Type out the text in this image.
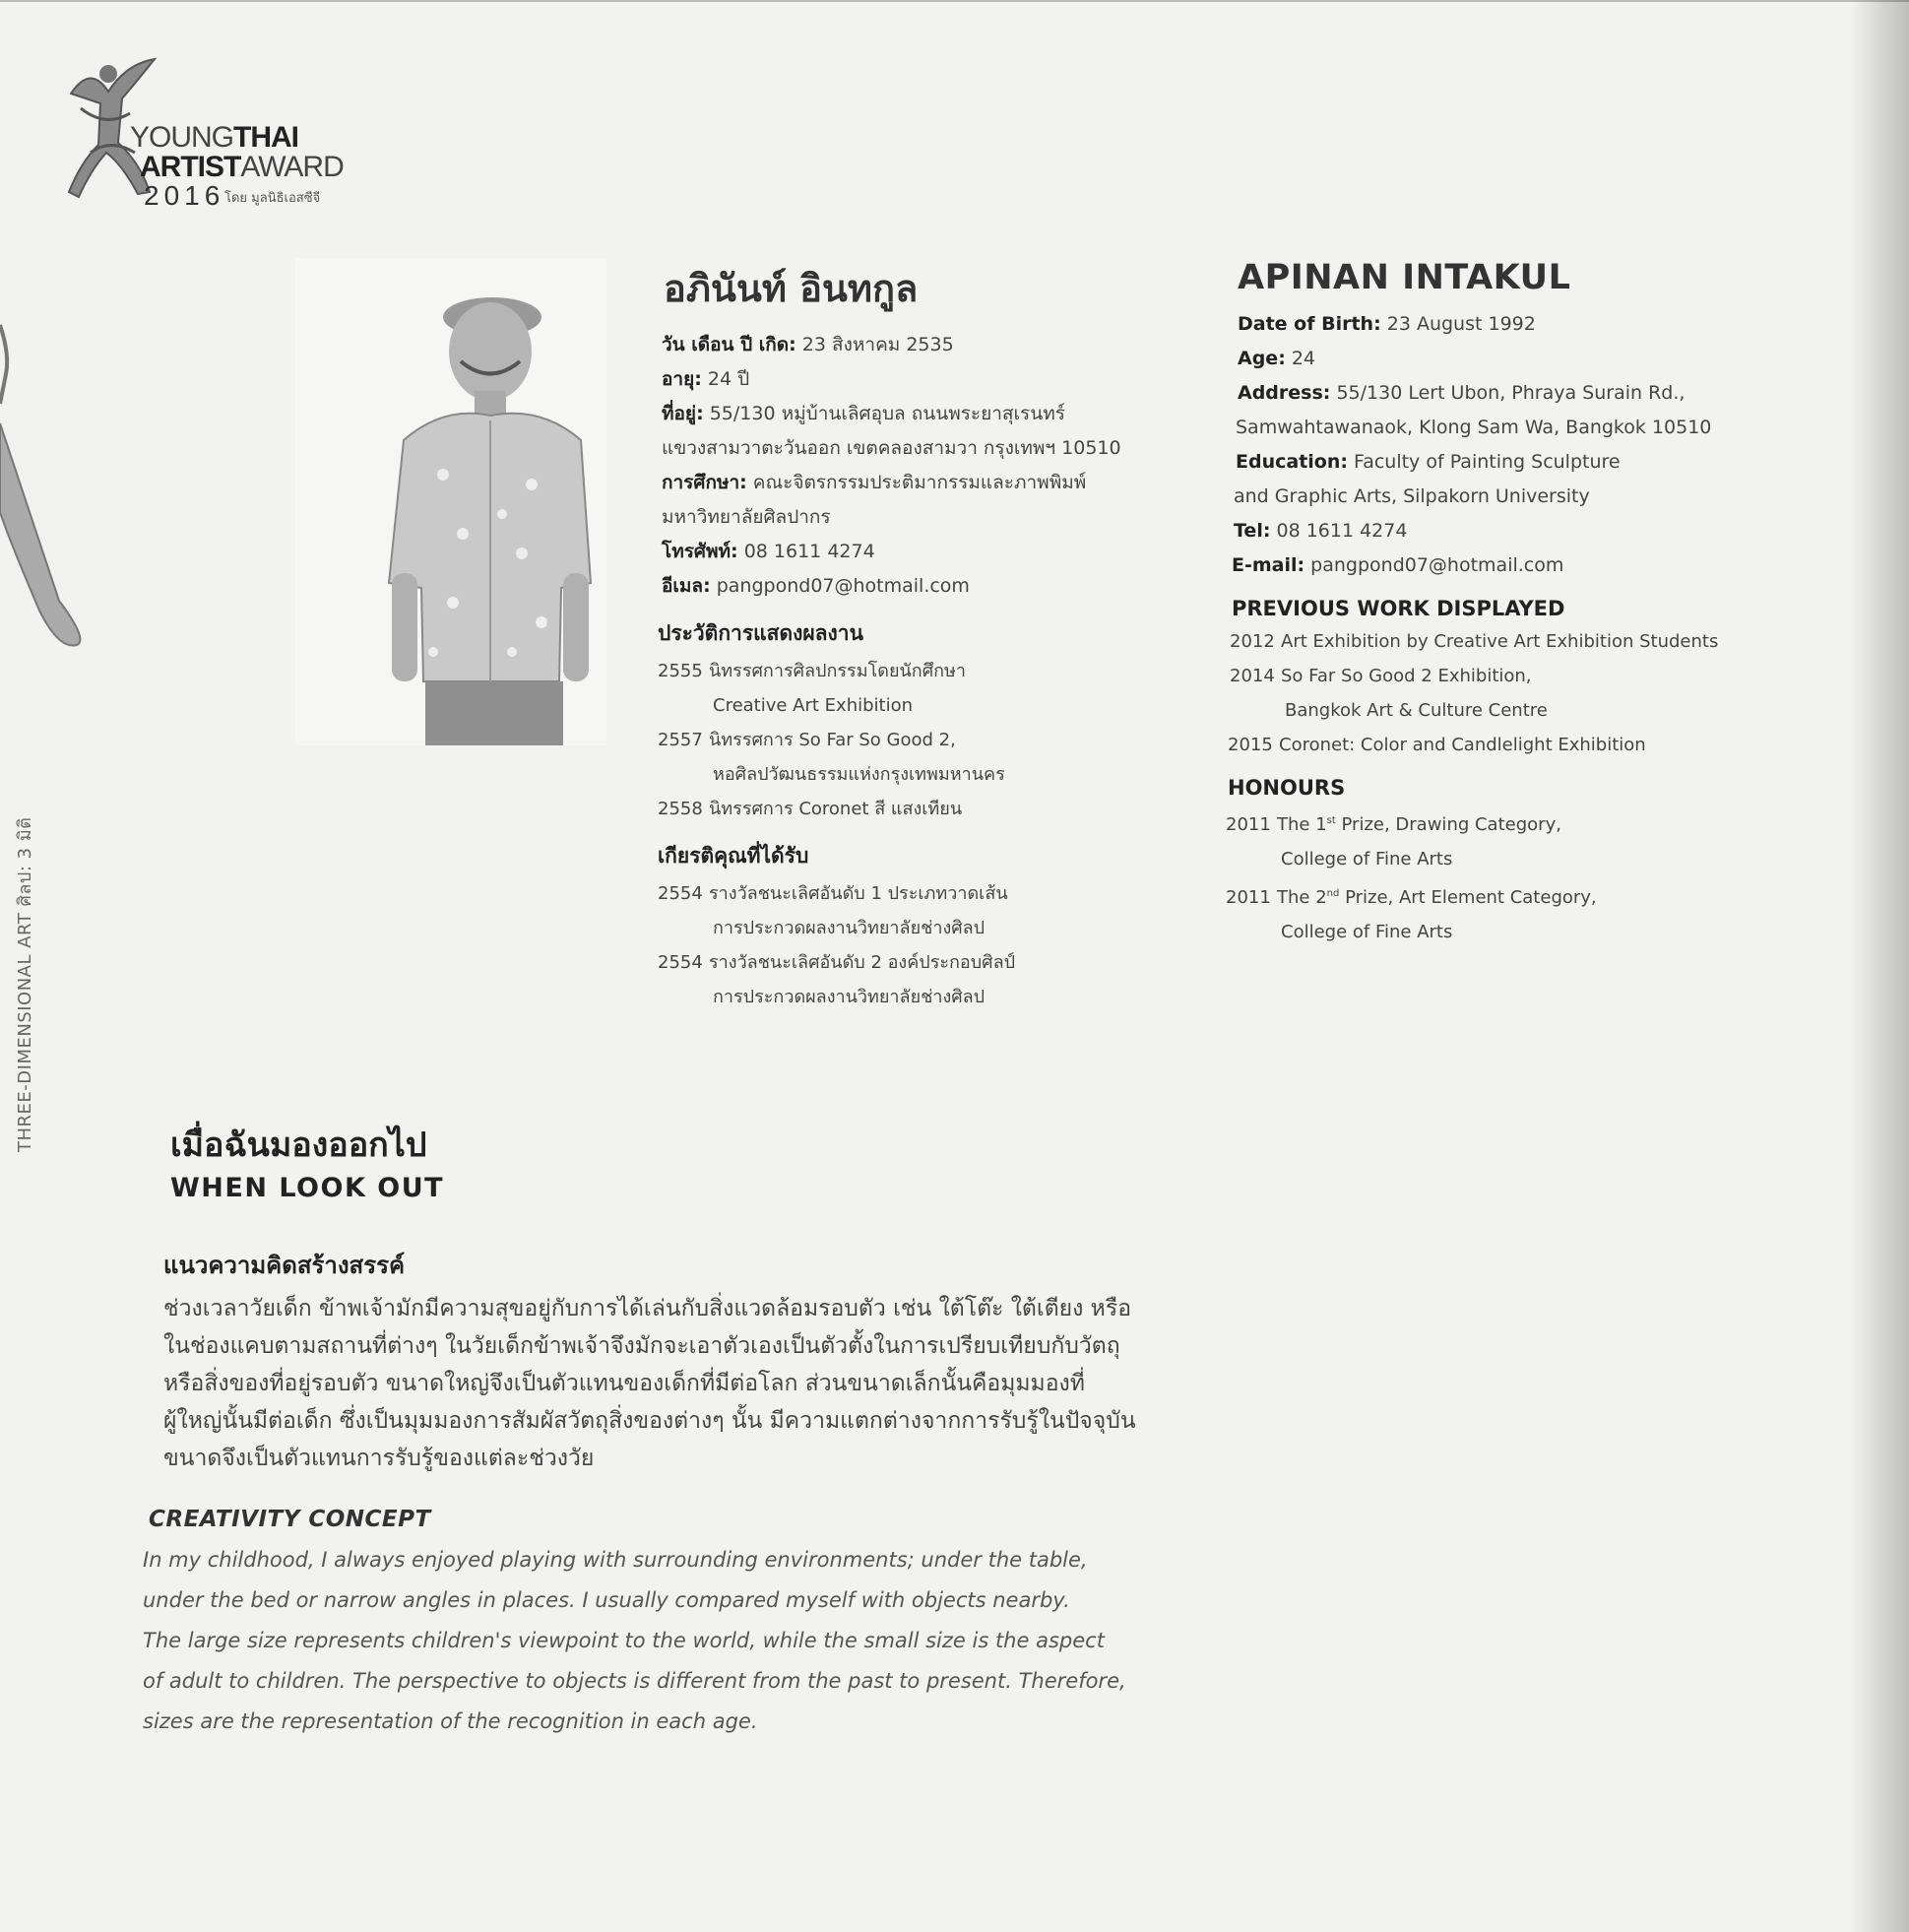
YOUNGTHAI
ARTISTAWARD
2016 โดย มูลนิธิเอสซีจี
THREE-DIMENSIONAL ART ศิลป: 3 มิติ
อภินันท์ อินทกูล
วัน เดือน ปี เกิด: 23 สิงหาคม 2535
อายุ: 24 ปี
ที่อยู่: 55/130 หมู่บ้านเลิศอุบล ถนนพระยาสุเรนทร์
แขวงสามวาตะวันออก เขตคลองสามวา กรุงเทพฯ 10510
การศึกษา: คณะจิตรกรรมประติมากรรมและภาพพิมพ์
มหาวิทยาลัยศิลปากร
โทรศัพท์: 08 1611 4274
อีเมล: pangpond07@hotmail.com
ประวัติการแสดงผลงาน
2555 นิทรรศการศิลปกรรมโดยนักศึกษา
Creative Art Exhibition
2557 นิทรรศการ So Far So Good 2,
หอศิลปวัฒนธรรมแห่งกรุงเทพมหานคร
2558 นิทรรศการ Coronet สี แสงเทียน
เกียรติคุณที่ได้รับ
2554 รางวัลชนะเลิศอันดับ 1 ประเภทวาดเส้น
การประกวดผลงานวิทยาลัยช่างศิลป
2554 รางวัลชนะเลิศอันดับ 2 องค์ประกอบศิลป์
การประกวดผลงานวิทยาลัยช่างศิลป
APINAN INTAKUL
Date of Birth: 23 August 1992
Age: 24
Address: 55/130 Lert Ubon, Phraya Surain Rd.,
Samwahtawanaok, Klong Sam Wa, Bangkok 10510
Education: Faculty of Painting Sculpture
and Graphic Arts, Silpakorn University
Tel: 08 1611 4274
E-mail: pangpond07@hotmail.com
PREVIOUS WORK DISPLAYED
2012 Art Exhibition by Creative Art Exhibition Students
2014 So Far So Good 2 Exhibition,
Bangkok Art & Culture Centre
2015 Coronet: Color and Candlelight Exhibition
HONOURS
2011 The 1st Prize, Drawing Category,
College of Fine Arts
2011 The 2nd Prize, Art Element Category,
College of Fine Arts
เมื่อฉันมองออกไป
WHEN LOOK OUT
แนวความคิดสร้างสรรค์
ช่วงเวลาวัยเด็ก ข้าพเจ้ามักมีความสุขอยู่กับการได้เล่นกับสิ่งแวดล้อมรอบตัว เช่น ใต้โต๊ะ ใต้เตียง หรือ
ในช่องแคบตามสถานที่ต่างๆ ในวัยเด็กข้าพเจ้าจึงมักจะเอาตัวเองเป็นตัวตั้งในการเปรียบเทียบกับวัตถุ
หรือสิ่งของที่อยู่รอบตัว ขนาดใหญ่จึงเป็นตัวแทนของเด็กที่มีต่อโลก ส่วนขนาดเล็กนั้นคือมุมมองที่
ผู้ใหญ่นั้นมีต่อเด็ก ซึ่งเป็นมุมมองการสัมผัสวัตถุสิ่งของต่างๆ นั้น มีความแตกต่างจากการรับรู้ในปัจจุบัน
ขนาดจึงเป็นตัวแทนการรับรู้ของแต่ละช่วงวัย
CREATIVITY CONCEPT
In my childhood, I always enjoyed playing with surrounding environments; under the table,
under the bed or narrow angles in places. I usually compared myself with objects nearby.
The large size represents children's viewpoint to the world, while the small size is the aspect
of adult to children. The perspective to objects is different from the past to present. Therefore,
sizes are the representation of the recognition in each age.
